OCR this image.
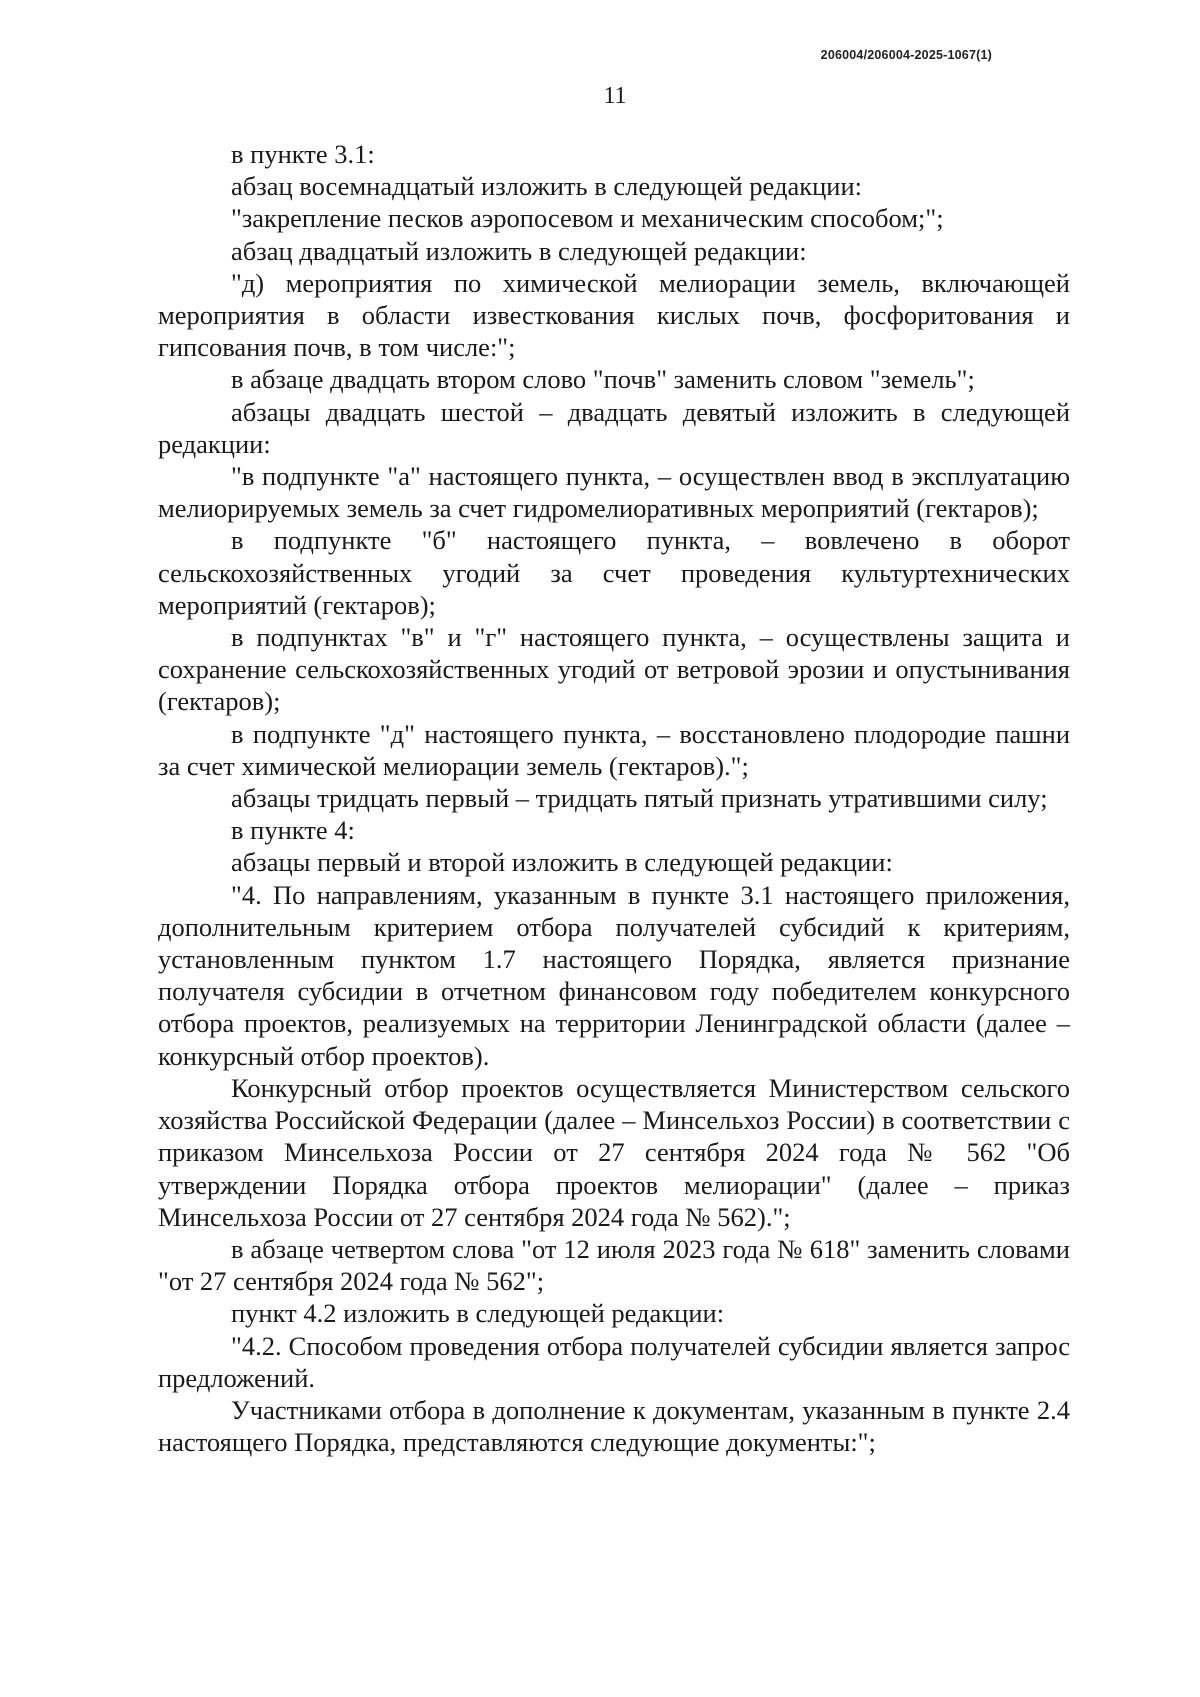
206004/206004-2025-1067(1)
11

в пункте 3.1:

абзац восемнадцатый изложить в следующей редакции:

"закрепление песков аэропосевом и механическим способом;";

абзац двадцатый изложить в следующей редакции:

"д) мероприятия по химической мелиорации земель, включающей мероприятия в области известкования кислых почв, фосфоритования и гипсования почв, в том числе:";

в абзаце двадцать втором слово "почв" заменить словом "земель";

абзацы двадцать шестой – двадцать девятый изложить в следующей редакции:

"в подпункте "а" настоящего пункта, – осуществлен ввод в эксплуатацию мелиорируемых земель за счет гидромелиоративных мероприятий (гектаров);

в подпункте "б" настоящего пункта, – вовлечено в оборот сельскохозяйственных угодий за счет проведения культуртехнических мероприятий (гектаров);

в подпунктах "в" и "г" настоящего пункта, – осуществлены защита и сохранение сельскохозяйственных угодий от ветровой эрозии и опустынивания (гектаров);

в подпункте "д" настоящего пункта, – восстановлено плодородие пашни за счет химической мелиорации земель (гектаров).";

абзацы тридцать первый – тридцать пятый признать утратившими силу;

в пункте 4:

абзацы первый и второй изложить в следующей редакции:

"4. По направлениям, указанным в пункте 3.1 настоящего приложения, дополнительным критерием отбора получателей субсидий к критериям, установленным пунктом 1.7 настоящего Порядка, является признание получателя субсидии в отчетном финансовом году победителем конкурсного отбора проектов, реализуемых на территории Ленинградской области (далее – конкурсный отбор проектов).

Конкурсный отбор проектов осуществляется Министерством сельского хозяйства Российской Федерации (далее – Минсельхоз России) в соответствии с приказом Минсельхоза России от 27 сентября 2024 года № 562 "Об утверждении Порядка отбора проектов мелиорации" (далее – приказ Минсельхоза России от 27 сентября 2024 года № 562).";

в абзаце четвертом слова "от 12 июля 2023 года № 618" заменить словами "от 27 сентября 2024 года № 562";

пункт 4.2 изложить в следующей редакции:

"4.2. Способом проведения отбора получателей субсидии является запрос предложений.

Участниками отбора в дополнение к документам, указанным в пункте 2.4 настоящего Порядка, представляются следующие документы:";
